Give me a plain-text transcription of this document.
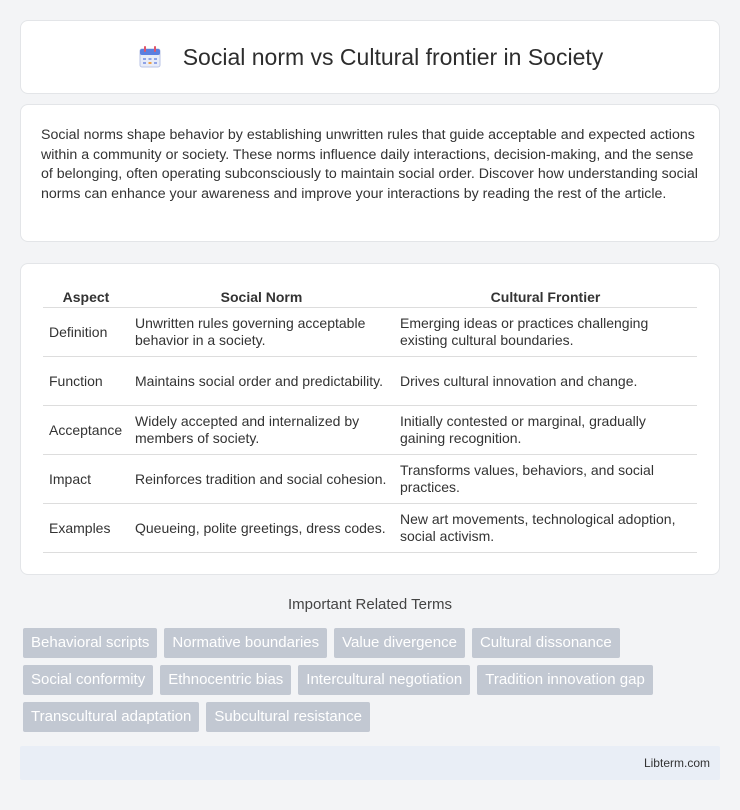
Social norm vs Cultural frontier in Society

Social norms shape behavior by establishing unwritten rules that guide acceptable and expected actions within a community or society. These norms influence daily interactions, decision-making, and the sense of belonging, often operating subconsciously to maintain social order. Discover how understanding social norms can enhance your awareness and improve your interactions by reading the rest of the article.

Aspect	Social Norm	Cultural Frontier
Definition	Unwritten rules governing acceptable behavior in a society.	Emerging ideas or practices challenging existing cultural boundaries.
Function	Maintains social order and predictability.	Drives cultural innovation and change.
Acceptance	Widely accepted and internalized by members of society.	Initially contested or marginal, gradually gaining recognition.
Impact	Reinforces tradition and social cohesion.	Transforms values, behaviors, and social practices.
Examples	Queueing, polite greetings, dress codes.	New art movements, technological adoption, social activism.
Important Related Terms
Behavioral scripts	Normative boundaries	Value divergence	Cultural dissonance
Social conformity	Ethnocentric bias	Intercultural negotiation	Tradition innovation gap
Transcultural adaptation	Subcultural resistance
Libterm.com
